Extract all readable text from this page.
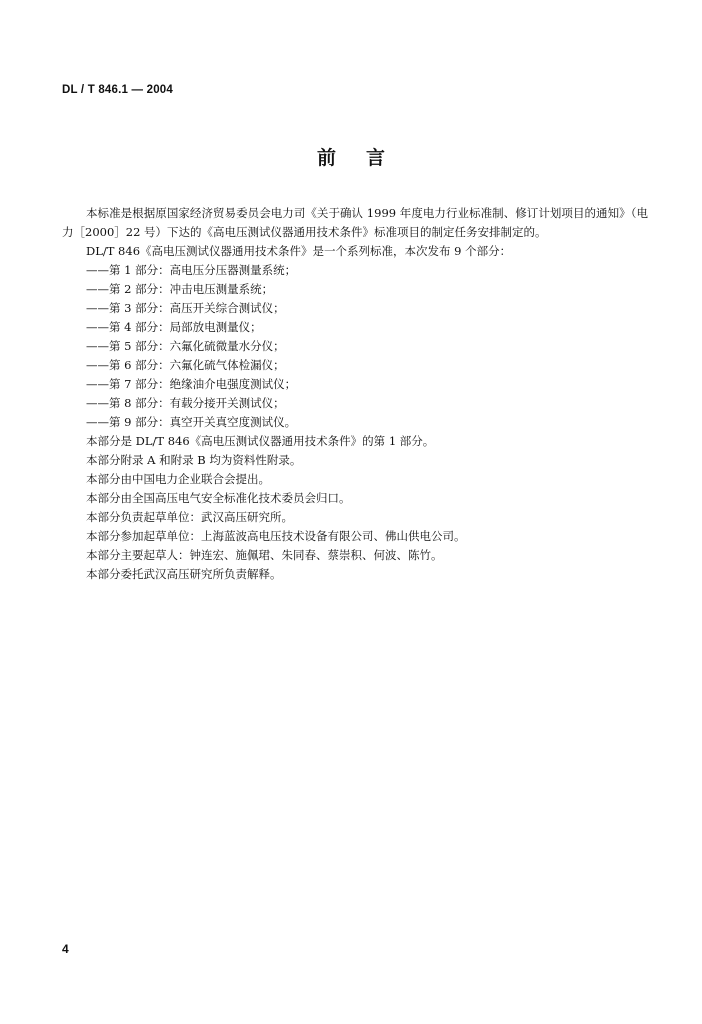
DL / T 846.1 — 2004
前言

本标准是根据原国家经济贸易委员会电力司《关于确认 1999 年度电力行业标准制、修订计划项目的通知》（电力［2000］22 号）下达的《高电压测试仪器通用技术条件》标准项目的制定任务安排制定的。

DL/T 846《高电压测试仪器通用技术条件》是一个系列标准，本次发布 9 个部分：

——第 1 部分：高电压分压器测量系统；

——第 2 部分：冲击电压测量系统；

——第 3 部分：高压开关综合测试仪；

——第 4 部分：局部放电测量仪；

——第 5 部分：六氟化硫微量水分仪；

——第 6 部分：六氟化硫气体检漏仪；

——第 7 部分：绝缘油介电强度测试仪；

——第 8 部分：有载分接开关测试仪；

——第 9 部分：真空开关真空度测试仪。

本部分是 DL/T 846《高电压测试仪器通用技术条件》的第 1 部分。

本部分附录 A 和附录 B 均为资料性附录。

本部分由中国电力企业联合会提出。

本部分由全国高压电气安全标准化技术委员会归口。

本部分负责起草单位：武汉高压研究所。

本部分参加起草单位：上海蓝波高电压技术设备有限公司、佛山供电公司。

本部分主要起草人：钟连宏、施佩珺、朱同春、蔡崇积、何波、陈竹。

本部分委托武汉高压研究所负责解释。

4
